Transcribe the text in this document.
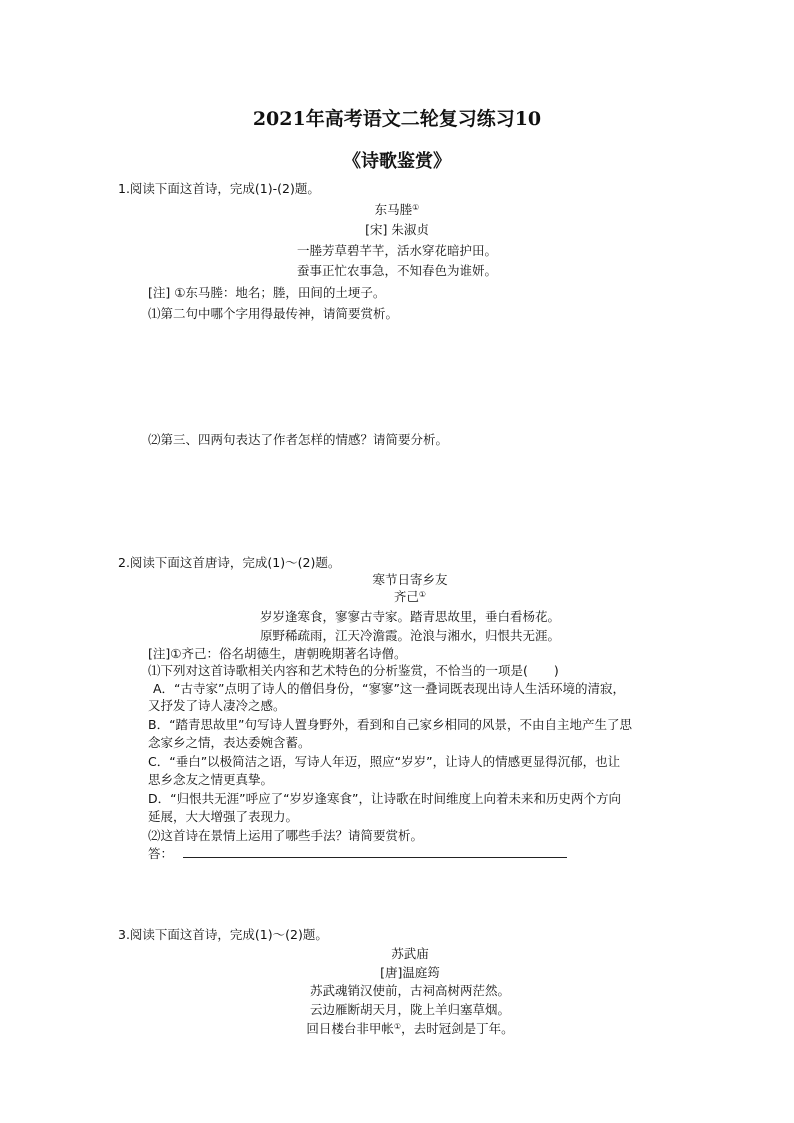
2021年高考语文二轮复习练习10
《诗歌鉴赏》
1.阅读下面这首诗，完成(1)-(2)题。
东马塍①
[宋] 朱淑贞
一塍芳草碧芊芊，活水穿花暗护田。
蚕事正忙农事急，不知春色为谁妍。
[注] ①东马塍：地名；塍，田间的土埂子。
⑴第二句中哪个字用得最传神，请简要赏析。
⑵第三、四两句表达了作者怎样的情感？请简要分析。
2.阅读下面这首唐诗，完成(1)～(2)题。
寒节日寄乡友
齐己①
岁岁逢寒食，寥寥古寺家。踏青思故里，垂白看杨花。
原野稀疏雨，江天冷澹霞。沧浪与湘水，归恨共无涯。
[注]①齐己：俗名胡德生，唐朝晚期著名诗僧。
⑴下列对这首诗歌相关内容和艺术特色的分析鉴赏，不恰当的一项是( )
A．“古寺家”点明了诗人的僧侣身份，“寥寥”这一叠词既表现出诗人生活环境的清寂，
又抒发了诗人凄冷之感。
B．“踏青思故里”句写诗人置身野外，看到和自己家乡相同的风景，不由自主地产生了思
念家乡之情，表达委婉含蓄。
C．“垂白”以极简洁之语，写诗人年迈，照应“岁岁”，让诗人的情感更显得沉郁，也让
思乡念友之情更真挚。
D．“归恨共无涯”呼应了“岁岁逢寒食”，让诗歌在时间维度上向着未来和历史两个方向
延展，大大增强了表现力。
⑵这首诗在景情上运用了哪些手法？请简要赏析。
答：
3.阅读下面这首诗，完成(1)～(2)题。
苏武庙
[唐]温庭筠
苏武魂销汉使前，古祠高树两茫然。
云边雁断胡天月，陇上羊归塞草烟。
回日楼台非甲帐①，去时冠剑是丁年。
